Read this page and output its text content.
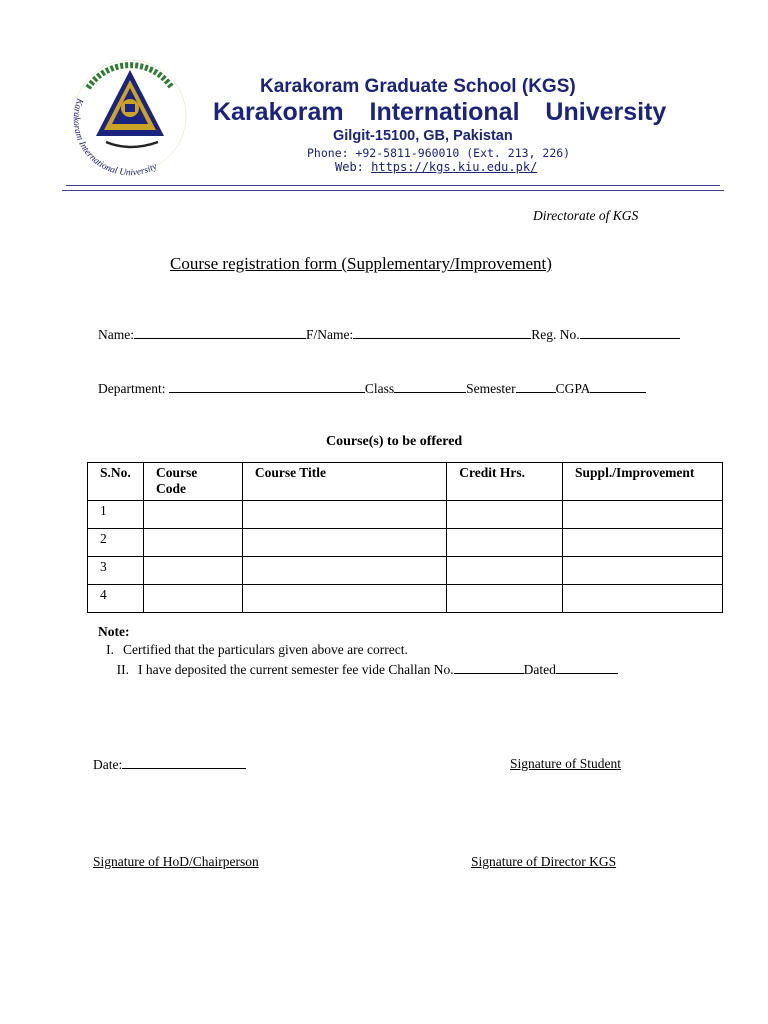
Karakoram International University
Karakoram Graduate School (KGS)
Karakoram  International  University
Gilgit-15100, GB, Pakistan
Phone: +92-5811-960010 (Ext. 213, 226)
Web: https://kgs.kiu.edu.pk/
Directorate of KGS
Course registration form (Supplementary/Improvement)
Name:	F/Name:	Reg. No.
Department:	Class	Semester	CGPA
Course(s) to be offered
S.No.	Course Code	Course Title	Credit Hrs.	Suppl./Improvement
1				
2				
3				
4				
Note:
I. Certified that the particulars given above are correct.
II. I have deposited the current semester fee vide Challan No.	Dated
Date:	Signature of Student
Signature of HoD/Chairperson	Signature of Director KGS
